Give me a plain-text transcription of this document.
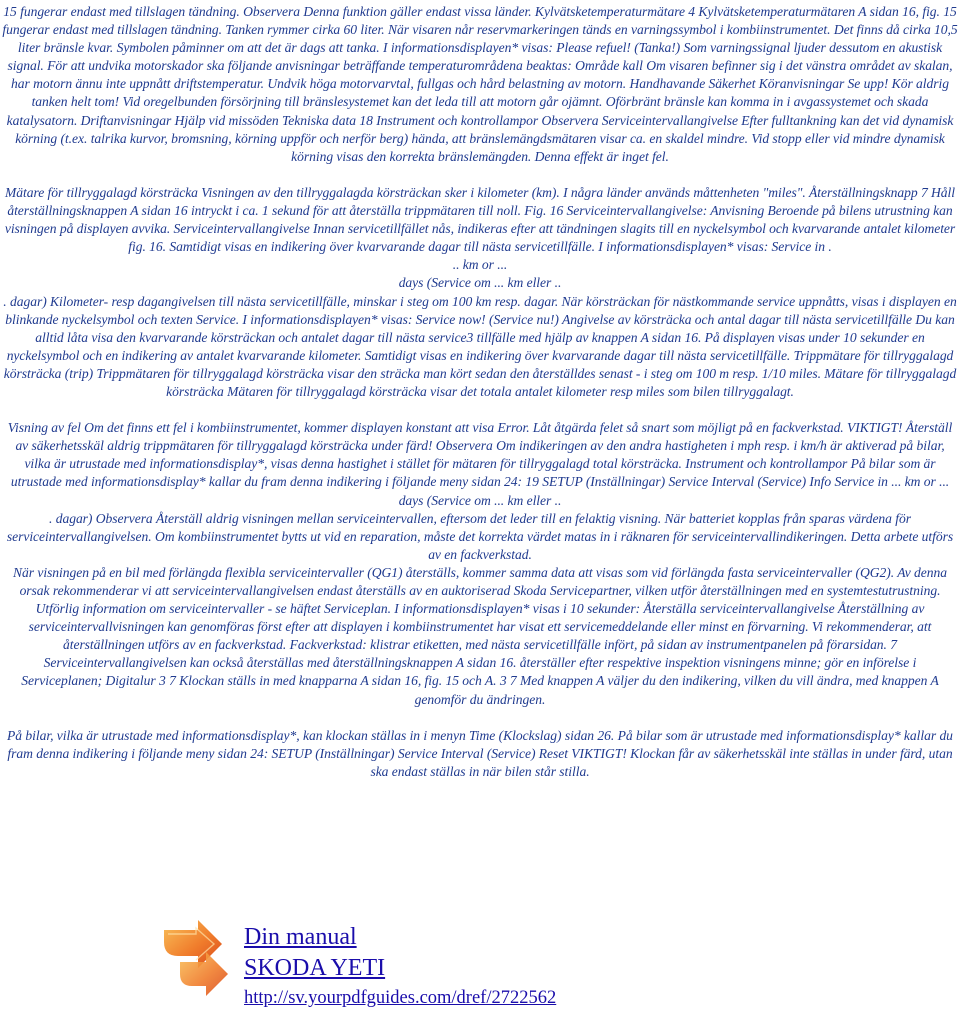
15 fungerar endast med tillslagen tändning. Observera Denna funktion gäller endast vissa länder. Kylvätsketemperaturmätare 4 Kylvätsketemperaturmätaren A sidan 16, fig. 15 fungerar endast med tillslagen tändning. Tanken rymmer cirka 60 liter. När visaren når reservmarkeringen tänds en varningssymbol i kombiinstrumentet. Det finns då cirka 10,5 liter bränsle kvar. Symbolen påminner om att det är dags att tanka. I informationsdisplayen* visas: Please refuel! (Tanka!) Som varningssignal ljuder dessutom en akustisk signal. För att undvika motorskador ska följande anvisningar beträffande temperaturområdena beaktas: Område kall Om visaren befinner sig i det vänstra området av skalan, har motorn ännu inte uppnått driftstemperatur. Undvik höga motorvarvtal, fullgas och hård belastning av motorn. Handhavande Säkerhet Köranvisningar Se upp! Kör aldrig tanken helt tom! Vid oregelbunden försörjning till bränslesystemet kan det leda till att motorn går ojämnt. Oförbränt bränsle kan komma in i avgassystemet och skada katalysatorn. Driftanvisningar Hjälp vid missöden Tekniska data 18 Instrument och kontrollampor Observera Serviceintervallangivelse Efter fulltankning kan det vid dynamisk körning (t.ex. talrika kurvor, bromsning, körning uppför och nerför berg) hända, att bränslemängdsmätaren visar ca. en skaldel mindre. Vid stopp eller vid mindre dynamisk körning visas den korrekta bränslemängden. Denna effekt är inget fel.

Mätare för tillryggalagd körsträcka Visningen av den tillryggalagda körsträckan sker i kilometer (km). I några länder används måttenheten "miles". Återställningsknapp 7 Håll återställningsknappen A sidan 16 intryckt i ca. 1 sekund för att återställa trippmätaren till noll. Fig. 16 Serviceintervallangivelse: Anvisning Beroende på bilens utrustning kan visningen på displayen avvika. Serviceintervallangivelse Innan servicetillfället nås, indikeras efter att tändningen slagits till en nyckelsymbol och kvarvarande antalet kilometer fig. 16. Samtidigt visas en indikering över kvarvarande dagar till nästa servicetillfälle. I informationsdisplayen* visas: Service in .

.. km or ...

days (Service om ... km eller ..

. dagar) Kilometer- resp dagangivelsen till nästa servicetillfälle, minskar i steg om 100 km resp. dagar. När körsträckan för nästkommande service uppnåtts, visas i displayen en blinkande nyckelsymbol och texten Service. I informationsdisplayen* visas: Service now! (Service nu!) Angivelse av körsträcka och antal dagar till nästa servicetillfälle Du kan alltid låta visa den kvarvarande körsträckan och antalet dagar till nästa service3 tillfälle med hjälp av knappen A sidan 16. På displayen visas under 10 sekunder en nyckelsymbol och en indikering av antalet kvarvarande kilometer. Samtidigt visas en indikering över kvarvarande dagar till nästa servicetillfälle. Trippmätare för tillryggalagd körsträcka (trip) Trippmätaren för tillryggalagd körsträcka visar den sträcka man kört sedan den återställdes senast - i steg om 100 m resp. 1/10 miles. Mätare för tillryggalagd körsträcka Mätaren för tillryggalagd körsträcka visar det totala antalet kilometer resp miles som bilen tillryggalagt.

Visning av fel Om det finns ett fel i kombiinstrumentet, kommer displayen konstant att visa Error. Låt åtgärda felet så snart som möjligt på en fackverkstad. VIKTIGT! Återställ av säkerhetsskäl aldrig trippmätaren för tillryggalagd körsträcka under färd! Observera Om indikeringen av den andra hastigheten i mph resp. i km/h är aktiverad på bilar, vilka är utrustade med informationsdisplay*, visas denna hastighet i stället för mätaren för tillryggalagd total körsträcka. Instrument och kontrollampor På bilar som är utrustade med informationsdisplay* kallar du fram denna indikering i följande meny sidan 24: 19 SETUP (Inställningar) Service Interval (Service) Info Service in ... km or ...

days (Service om ... km eller ..

. dagar) Observera Återställ aldrig visningen mellan serviceintervallen, eftersom det leder till en felaktig visning. När batteriet kopplas från sparas värdena för serviceintervallangivelsen. Om kombiinstrumentet bytts ut vid en reparation, måste det korrekta värdet matas in i räknaren för serviceintervallindikeringen. Detta arbete utförs av en fackverkstad.

När visningen på en bil med förlängda flexibla serviceintervaller (QG1) återställs, kommer samma data att visas som vid förlängda fasta serviceintervaller (QG2). Av denna orsak rekommenderar vi att serviceintervallangivelsen endast återställs av en auktoriserad Skoda Servicepartner, vilken utför återställningen med en systemtestutrustning. Utförlig information om serviceintervaller - se häftet Serviceplan. I informationsdisplayen* visas i 10 sekunder: Återställa serviceintervallangivelse Återställning av serviceintervallvisningen kan genomföras först efter att displayen i kombiinstrumentet har visat ett servicemeddelande eller minst en förvarning. Vi rekommenderar, att återställningen utförs av en fackverkstad. Fackverkstad: klistrar etiketten, med nästa servicetillfälle infört, på sidan av instrumentpanelen på förarsidan. 7 Serviceintervallangivelsen kan också återställas med återställningsknappen A sidan 16. återställer efter respektive inspektion visningens minne; gör en införelse i Serviceplanen; Digitalur 3 7 Klockan ställs in med knapparna A sidan 16, fig. 15 och A. 3 7 Med knappen A väljer du den indikering, vilken du vill ändra, med knappen A genomför du ändringen.

På bilar, vilka är utrustade med informationsdisplay*, kan klockan ställas in i menyn Time (Klockslag) sidan 26. På bilar som är utrustade med informationsdisplay* kallar du fram denna indikering i följande meny sidan 24: SETUP (Inställningar) Service Interval (Service) Reset VIKTIGT! Klockan får av säkerhetsskäl inte ställas in under färd, utan ska endast ställas in när bilen står stilla.

Din manual
SKODA YETI
http://sv.yourpdfguides.com/dref/2722562
